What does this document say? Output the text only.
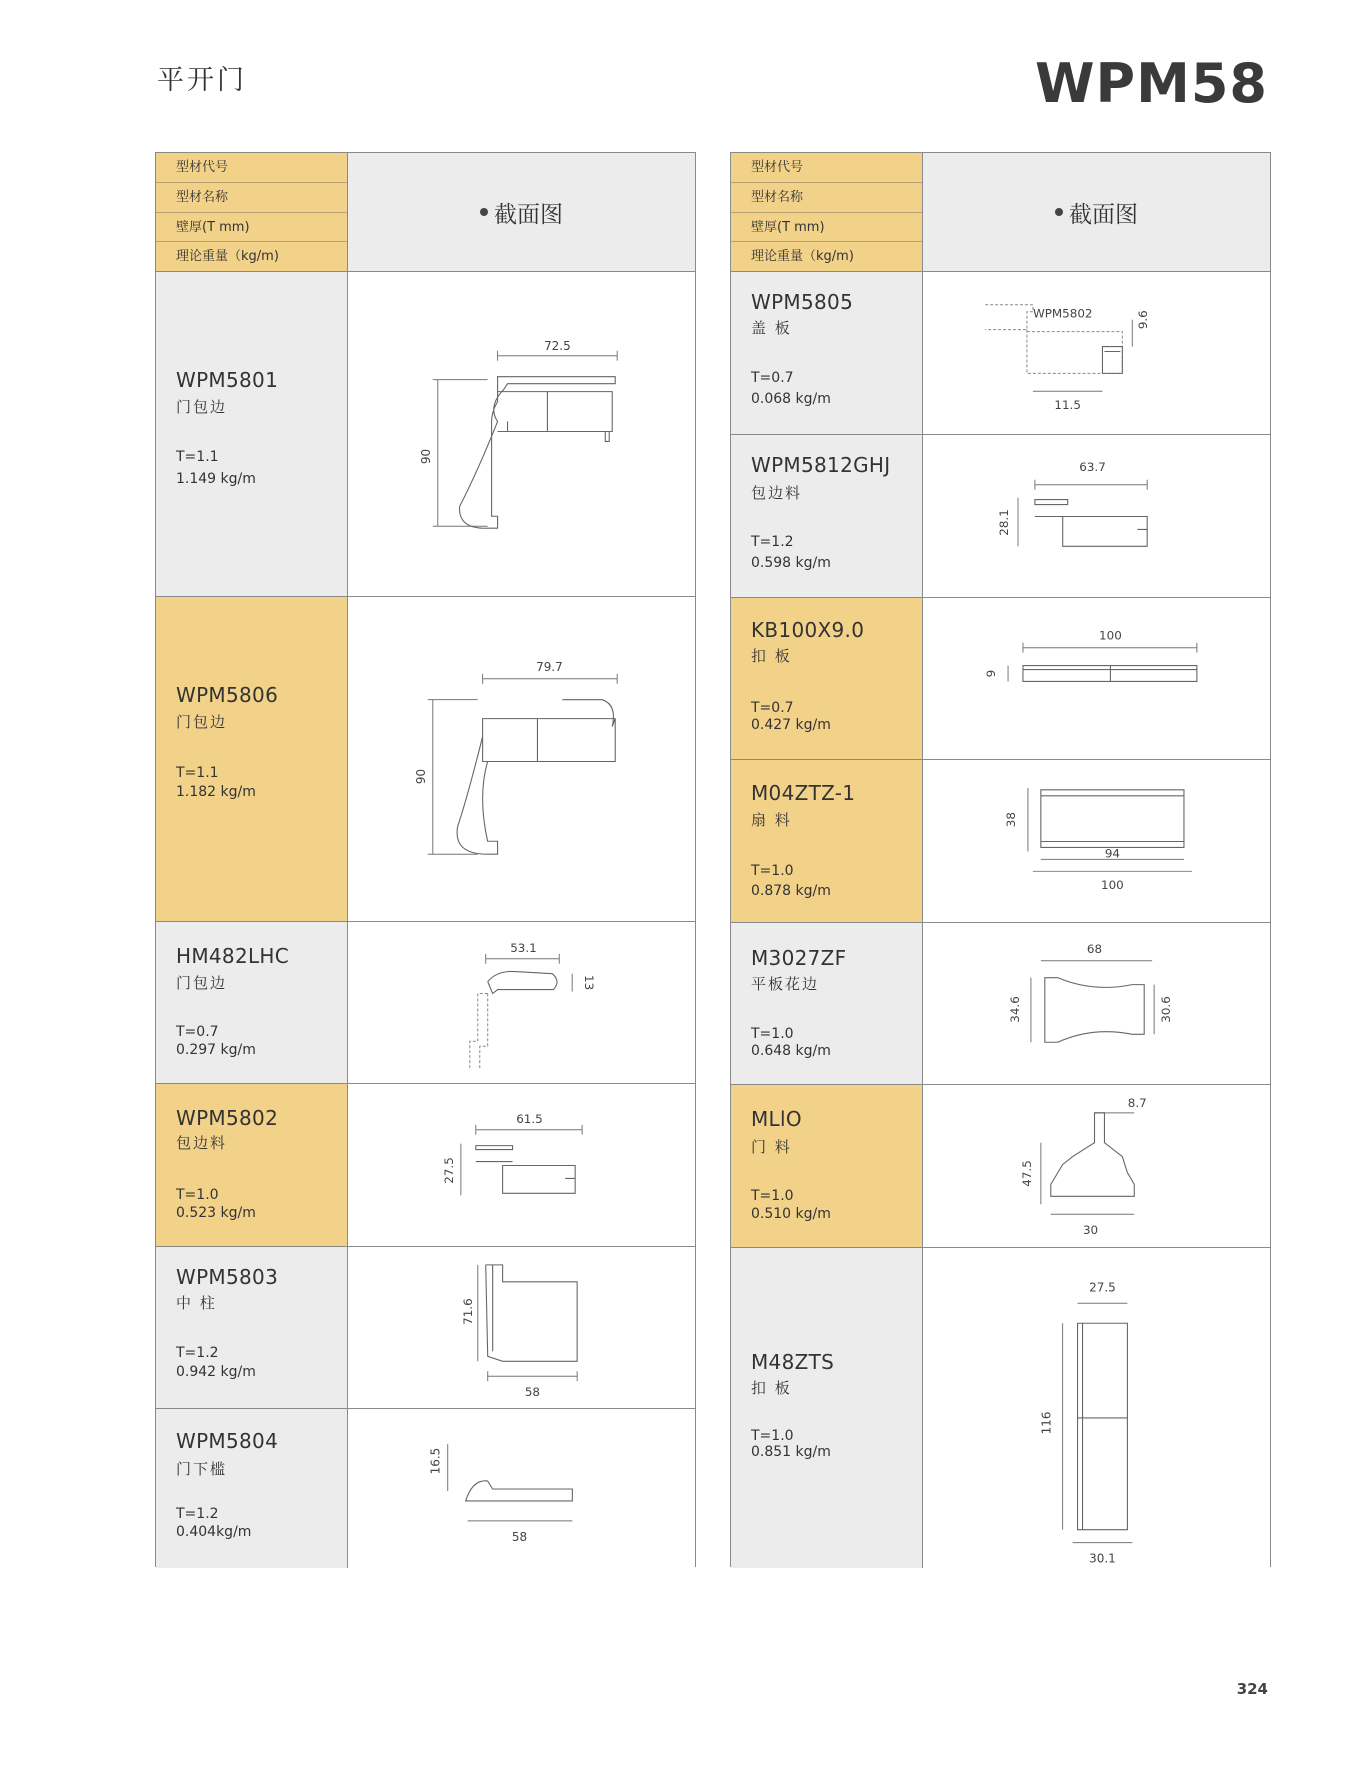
平开门	WPM58
型材代号
型材名称
壁厚(T mm)
理论重量（kg/m)
截面图
WPM5801
门包边
T=1.1
1.149 kg/m
72.5
90
WPM5806
门包边
T=1.1
1.182 kg/m
79.7
90
HM482LHC
门包边
T=0.7
0.297 kg/m
53.1
13
WPM5802
包边料
T=1.0
0.523 kg/m
61.5
27.5
WPM5803
中 柱
T=1.2
0.942 kg/m
71.6
58
WPM5804
门下槛
T=1.2
0.404kg/m
16.5
58
型材代号
型材名称
壁厚(T mm)
理论重量（kg/m)
截面图
WPM5805
盖 板
T=0.7
0.068 kg/m
WPM5802	9.6
11.5
WPM5812GHJ
包边料
T=1.2
0.598 kg/m
63.7
28.1
KB100X9.0
扣 板
T=0.7
0.427 kg/m
100
9
M04ZTZ-1
扇 料
T=1.0
0.878 kg/m
38
94
100
M3027ZF
平板花边
T=1.0
0.648 kg/m
68
34.6	30.6
MLlO
门 料
T=1.0
0.510 kg/m
8.7
47.5
30
M48ZTS
扣 板
T=1.0
0.851 kg/m
27.5
116
30.1
324
